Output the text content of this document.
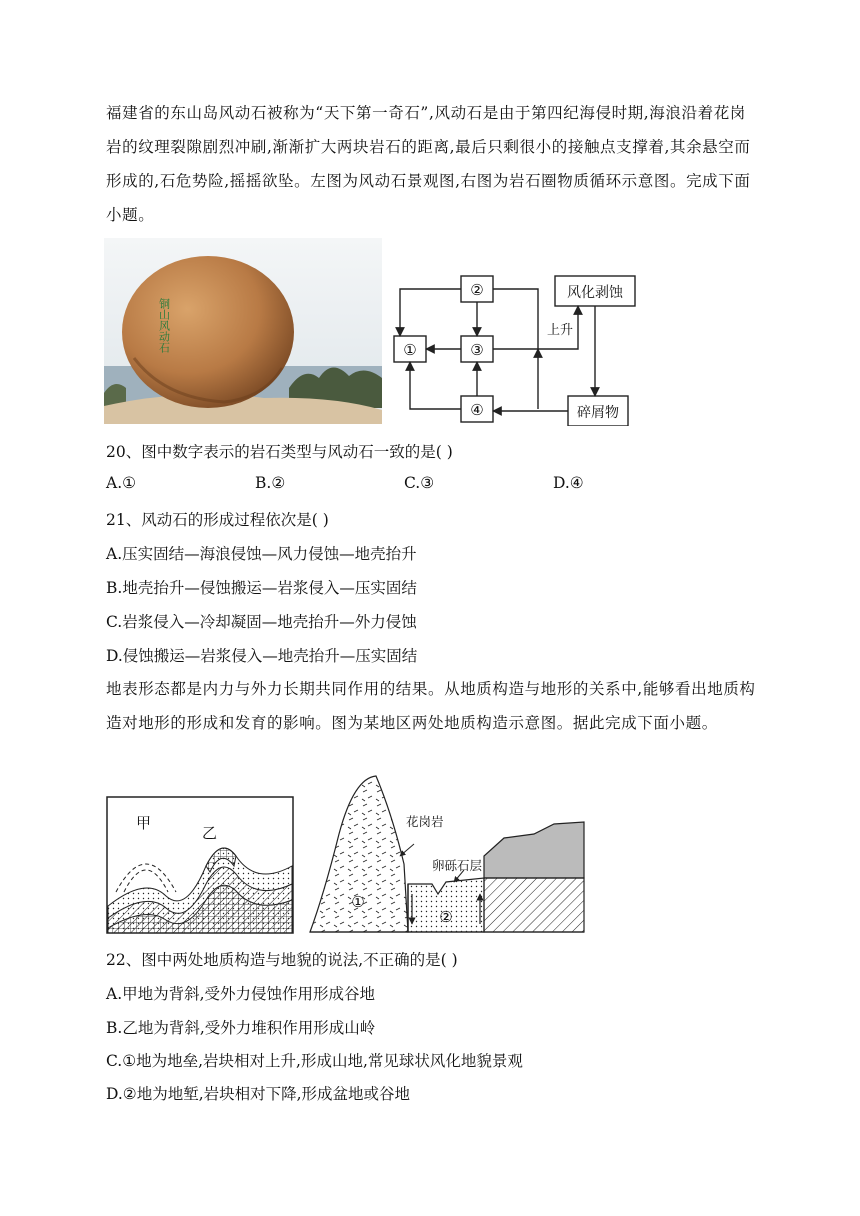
福建省的东山岛风动石被称为“天下第一奇石”,风动石是由于第四纪海侵时期,海浪沿着花岗岩的纹理裂隙剧烈冲刷,渐渐扩大两块岩石的距离,最后只剩很小的接触点支撑着,其余悬空而形成的,石危势险,摇摇欲坠。左图为风动石景观图,右图为岩石圈物质循环示意图。完成下面小题。

铜山风动石	①
②
③
④
风化剥蚀
碎屑物
上升
20、图中数字表示的岩石类型与风动石一致的是( )
A.①	B.②	C.③	D.④
21、风动石的形成过程依次是( )
A.压实固结—海浪侵蚀—风力侵蚀—地壳抬升
B.地壳抬升—侵蚀搬运—岩浆侵入—压实固结
C.岩浆侵入—冷却凝固—地壳抬升—外力侵蚀
D.侵蚀搬运—岩浆侵入—地壳抬升—压实固结

地表形态都是内力与外力长期共同作用的结果。从地质构造与地形的关系中,能够看出地质构造对地形的形成和发育的影响。图为某地区两处地质构造示意图。据此完成下面小题。

甲
乙
花岗岩
卵砾石层
①
②
22、图中两处地质构造与地貌的说法,不正确的是( )
A.甲地为背斜,受外力侵蚀作用形成谷地
B.乙地为背斜,受外力堆积作用形成山岭
C.①地为地垒,岩块相对上升,形成山地,常见球状风化地貌景观
D.②地为地堑,岩块相对下降,形成盆地或谷地
